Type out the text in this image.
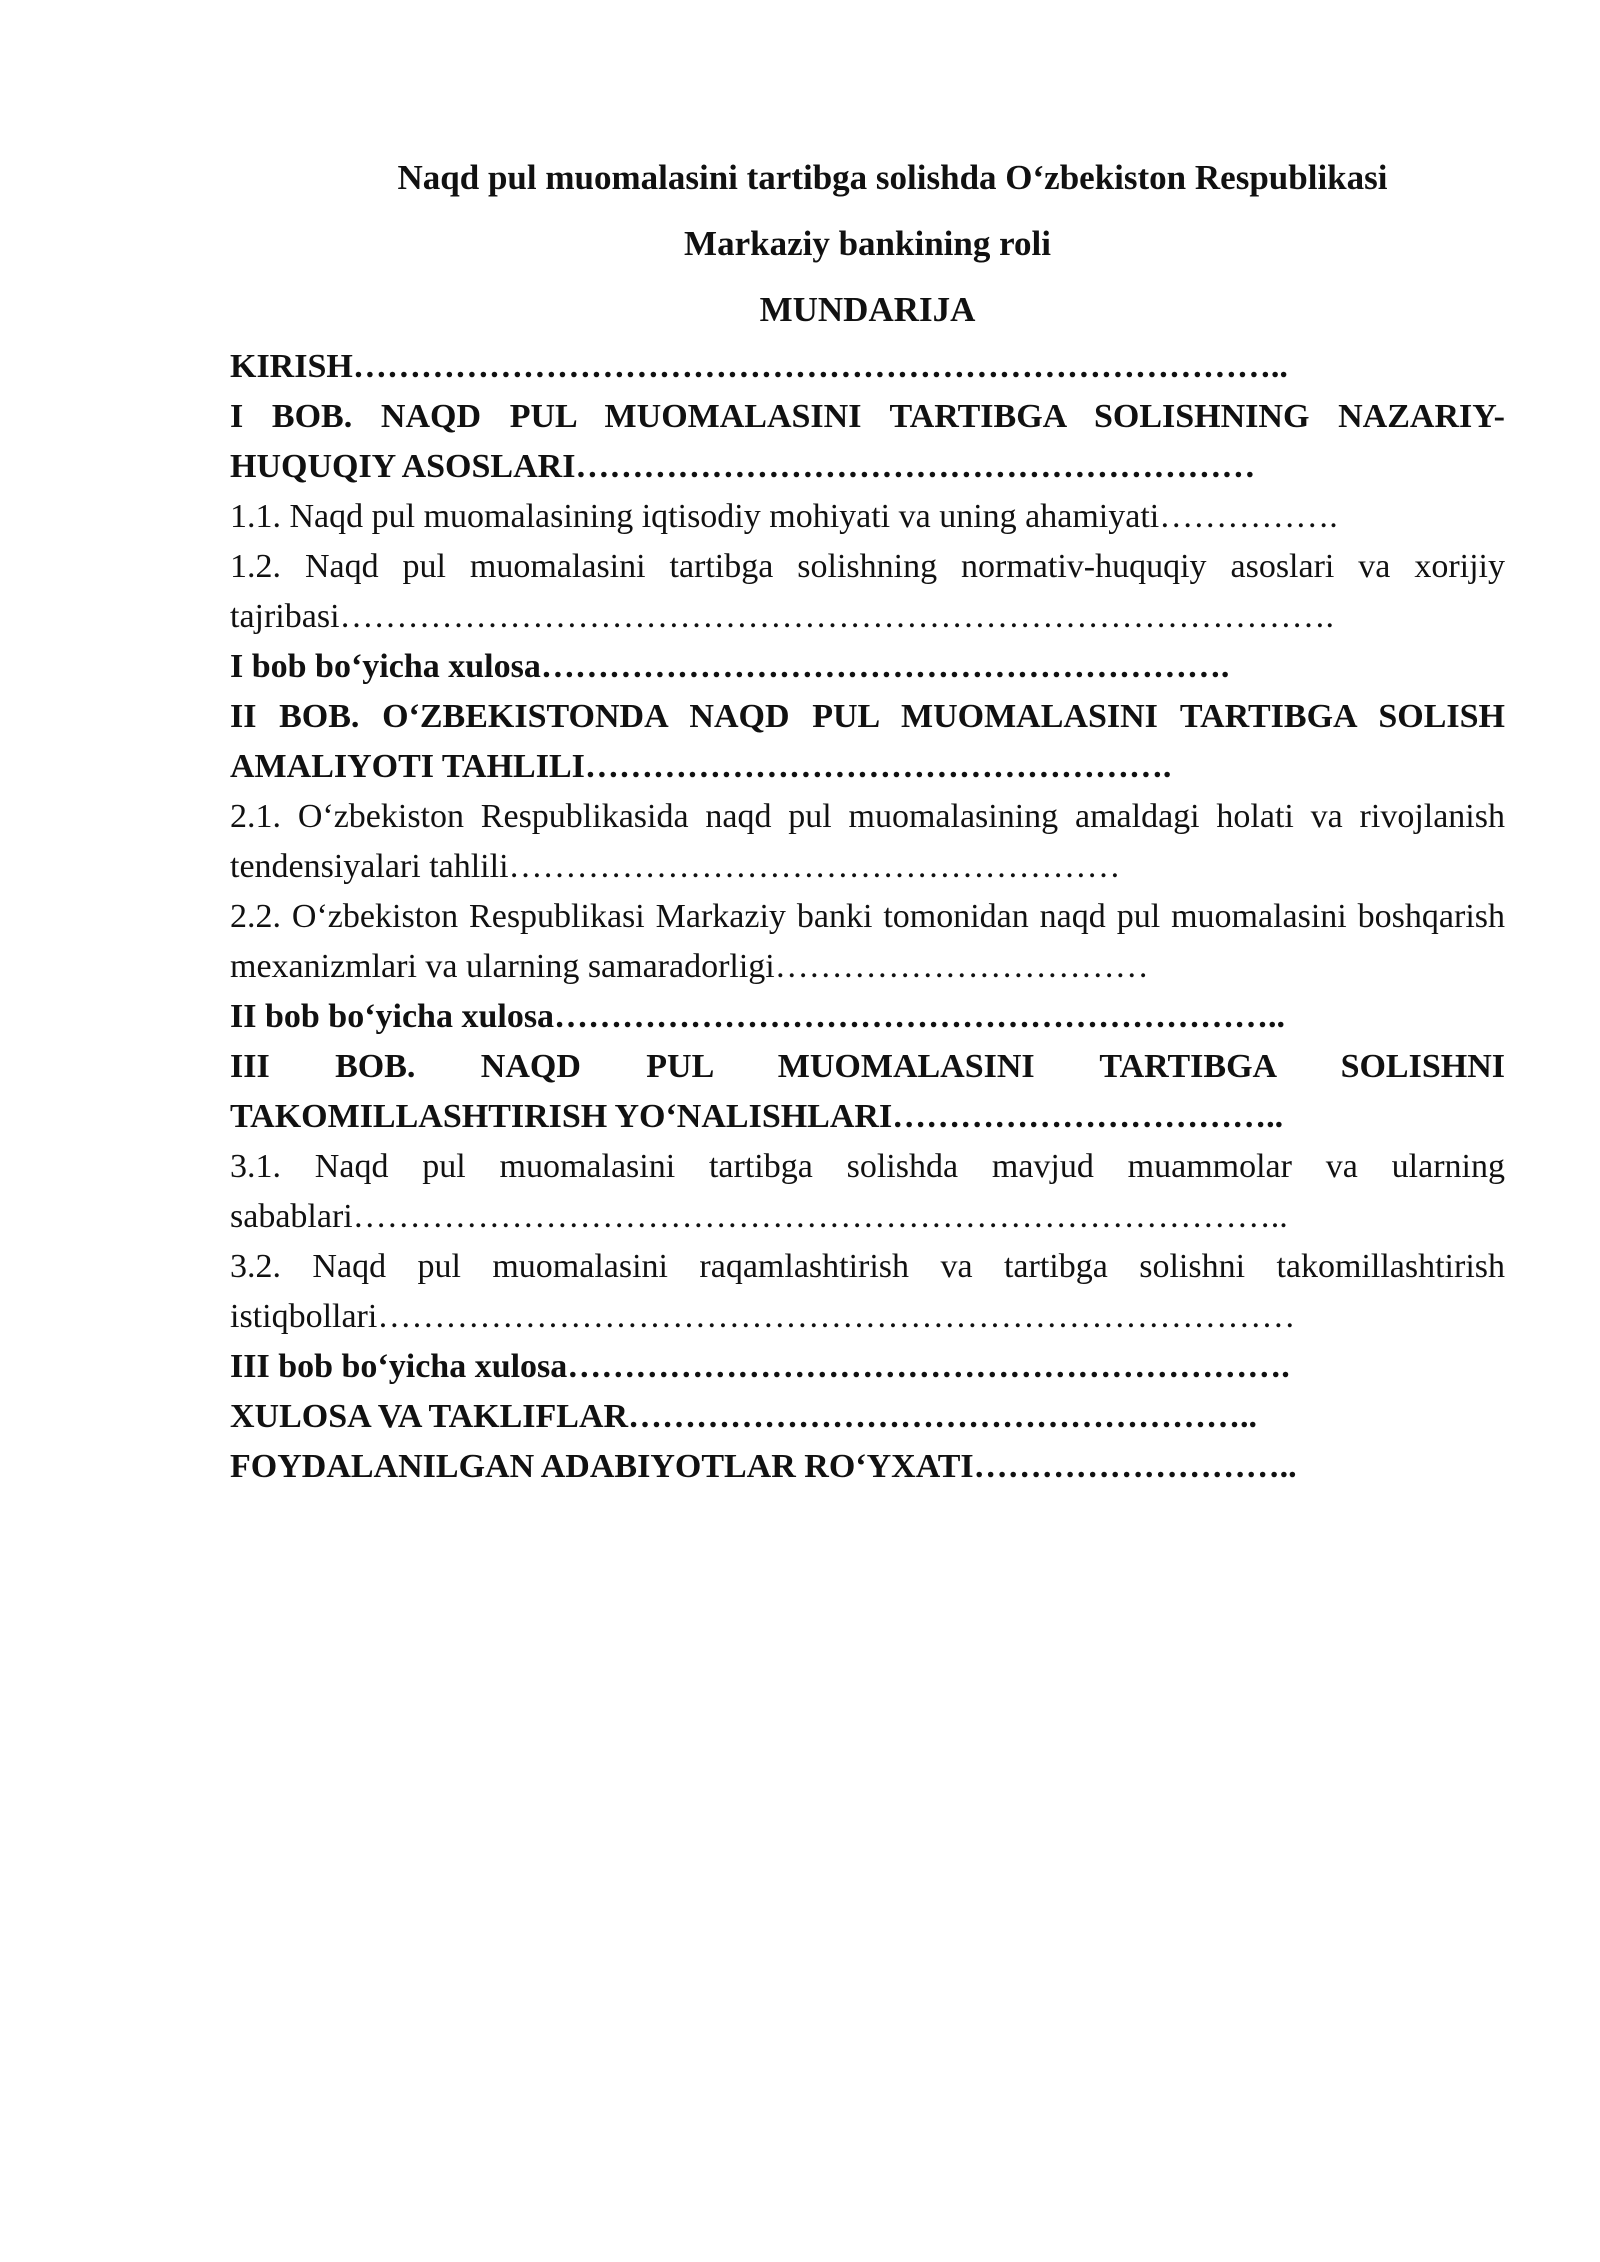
Naqd pul muomalasini tartibga solishda O‘zbekiston Respublikasi
Markaziy bankining roli
MUNDARIJA
KIRISH………………………………………………………………………..
I BOB. NAQD PUL MUOMALASINI TARTIBGA SOLISHNING NAZARIY-HUQUQIY ASOSLARI……………………………………………………
1.1. Naqd pul muomalasining iqtisodiy mohiyati va uning ahamiyati…………….
1.2. Naqd pul muomalasini tartibga solishning normativ-huquqiy asoslari va xorijiy tajribasi…………………………………………………………………………….
I bob bo‘yicha xulosa…………………………………………………….
II BOB. O‘ZBEKISTONDA NAQD PUL MUOMALASINI TARTIBGA SOLISH AMALIYOTI TAHLILI…………………………………………….
2.1. O‘zbekiston Respublikasida naqd pul muomalasining amaldagi holati va rivojlanish tendensiyalari tahlili………………………………………………
2.2. O‘zbekiston Respublikasi Markaziy banki tomonidan naqd pul muomalasini boshqarish mexanizmlari va ularning samaradorligi……………………………
II bob bo‘yicha xulosa………………………………………………………..
III BOB. NAQD PUL MUOMALASINI TARTIBGA SOLISHNI TAKOMILLASHTIRISH YO‘NALISHLARI……………………………..
3.1. Naqd pul muomalasini tartibga solishda mavjud muammolar va ularning sabablari………………………………………………………………………..
3.2. Naqd pul muomalasini raqamlashtirish va tartibga solishni takomillashtirish istiqbollari………………………………………………………………………
III bob bo‘yicha xulosa……………………………………………………….
XULOSA VA TAKLIFLAR………………………………………………..
FOYDALANILGAN ADABIYOTLAR RO‘YXATI………………………..
